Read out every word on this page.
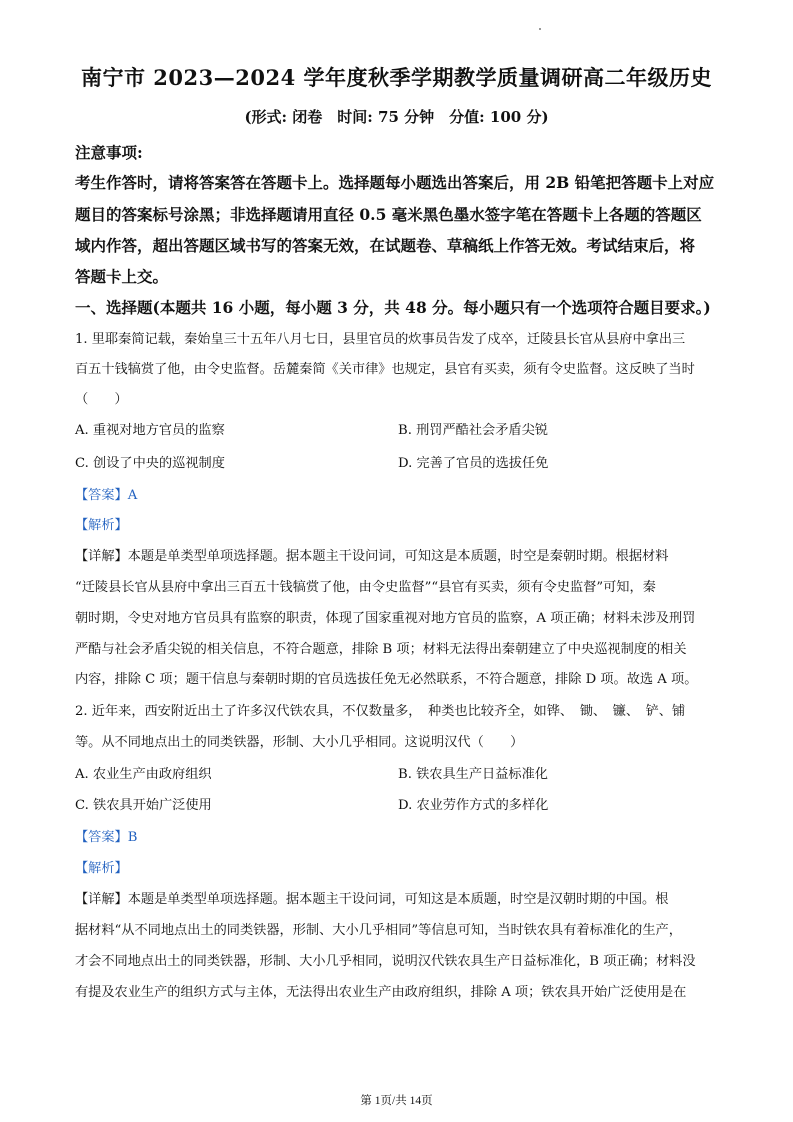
南宁市 2023—2024 学年度秋季学期教学质量调研高二年级历史
(形式: 闭卷　时间: 75 分钟　分值: 100 分)
注意事项:
考生作答时，请将答案答在答题卡上。选择题每小题选出答案后，用 2B 铅笔把答题卡上对应
题目的答案标号涂黑；非选择题请用直径 0.5 毫米黑色墨水签字笔在答题卡上各题的答题区
域内作答，超出答题区域书写的答案无效，在试题卷、草稿纸上作答无效。考试结束后，将
答题卡上交。
一、选择题(本题共 16 小题，每小题 3 分，共 48 分。每小题只有一个选项符合题目要求。)
1. 里耶秦简记载，秦始皇三十五年八月七日，县里官员的炊事员告发了戍卒，迁陵县长官从县府中拿出三
百五十钱犒赏了他，由令史监督。岳麓秦简《关市律》也规定，县官有买卖，须有令史监督。这反映了当时
（　　）
A. 重视对地方官员的监察	B. 刑罚严酷社会矛盾尖锐
C. 创设了中央的巡视制度	D. 完善了官员的选拔任免
【答案】A
【解析】
【详解】本题是单类型单项选择题。据本题主干设问词，可知这是本质题，时空是秦朝时期。根据材料
“迁陵县长官从县府中拿出三百五十钱犒赏了他，由令史监督”“县官有买卖，须有令史监督”可知，秦
朝时期，令史对地方官员具有监察的职责，体现了国家重视对地方官员的监察，A 项正确；材料未涉及刑罚
严酷与社会矛盾尖锐的相关信息，不符合题意，排除 B 项；材料无法得出秦朝建立了中央巡视制度的相关
内容，排除 C 项；题干信息与秦朝时期的官员选拔任免无必然联系，不符合题意，排除 D 项。故选 A 项。
2. 近年来，西安附近出土了许多汉代铁农具，不仅数量多，　种类也比较齐全，如铧、　锄、　镰、　铲、铺
等。从不同地点出土的同类铁器，形制、大小几乎相同。这说明汉代（　　）
A. 农业生产由政府组织	B. 铁农具生产日益标准化
C. 铁农具开始广泛使用	D. 农业劳作方式的多样化
【答案】B
【解析】
【详解】本题是单类型单项选择题。据本题主干设问词，可知这是本质题，时空是汉朝时期的中国。根
据材料“从不同地点出土的同类铁器，形制、大小几乎相同”等信息可知，当时铁农具有着标准化的生产，
才会不同地点出土的同类铁器，形制、大小几乎相同，说明汉代铁农具生产日益标准化，B 项正确；材料没
有提及农业生产的组织方式与主体，无法得出农业生产由政府组织，排除 A 项；铁农具开始广泛使用是在
第 1页/共 14页
